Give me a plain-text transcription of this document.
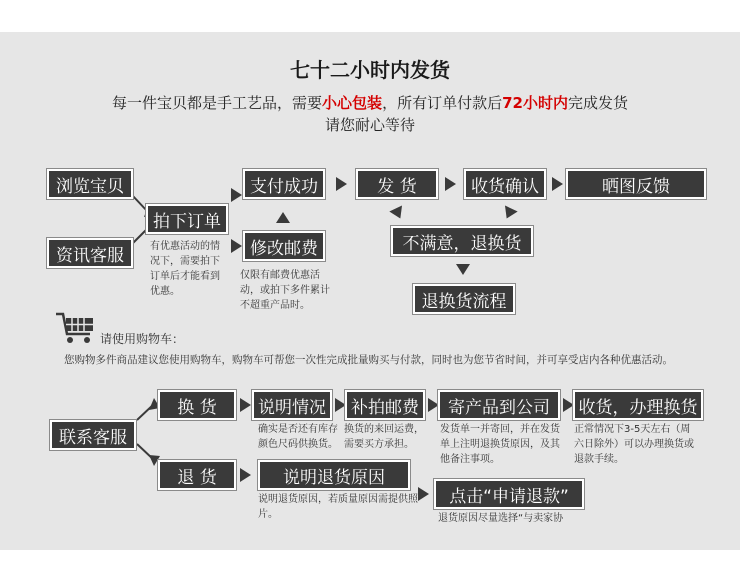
七十二小时内发货
每一件宝贝都是手工艺品，需要小心包装，所有订单付款后72小时内完成发货
请您耐心等待
浏览宝贝
资讯客服
拍下订单
有优惠活动的情况下，需要拍下订单后才能看到优惠。
支付成功
修改邮费
仅限有邮费优惠活动，或拍下多件累计不超重产品时。
发 货	收货确认	晒图反馈
不满意，退换货
退换货流程
请使用购物车：
您购物多件商品建议您使用购物车，购物车可帮您一次性完成批量购买与付款，同时也为您节省时间，并可享受店内各种优惠活动。
联系客服
换 货 说明情况
确实是否还有库存颜色尺码供换货。
补拍邮费
换货的来回运费，需要买方承担。
寄产品到公司
发货单一并寄回，并在发货单上注明退换货原因，及其他备注事项。
收货，办理换货
正常情况下3-5天左右（周六日除外）可以办理换货或退款手续。
退 货	说明退货原因
说明退货原因，若质量原因需提供照片。
点击“申请退款”
退货原因尽量选择“与卖家协
